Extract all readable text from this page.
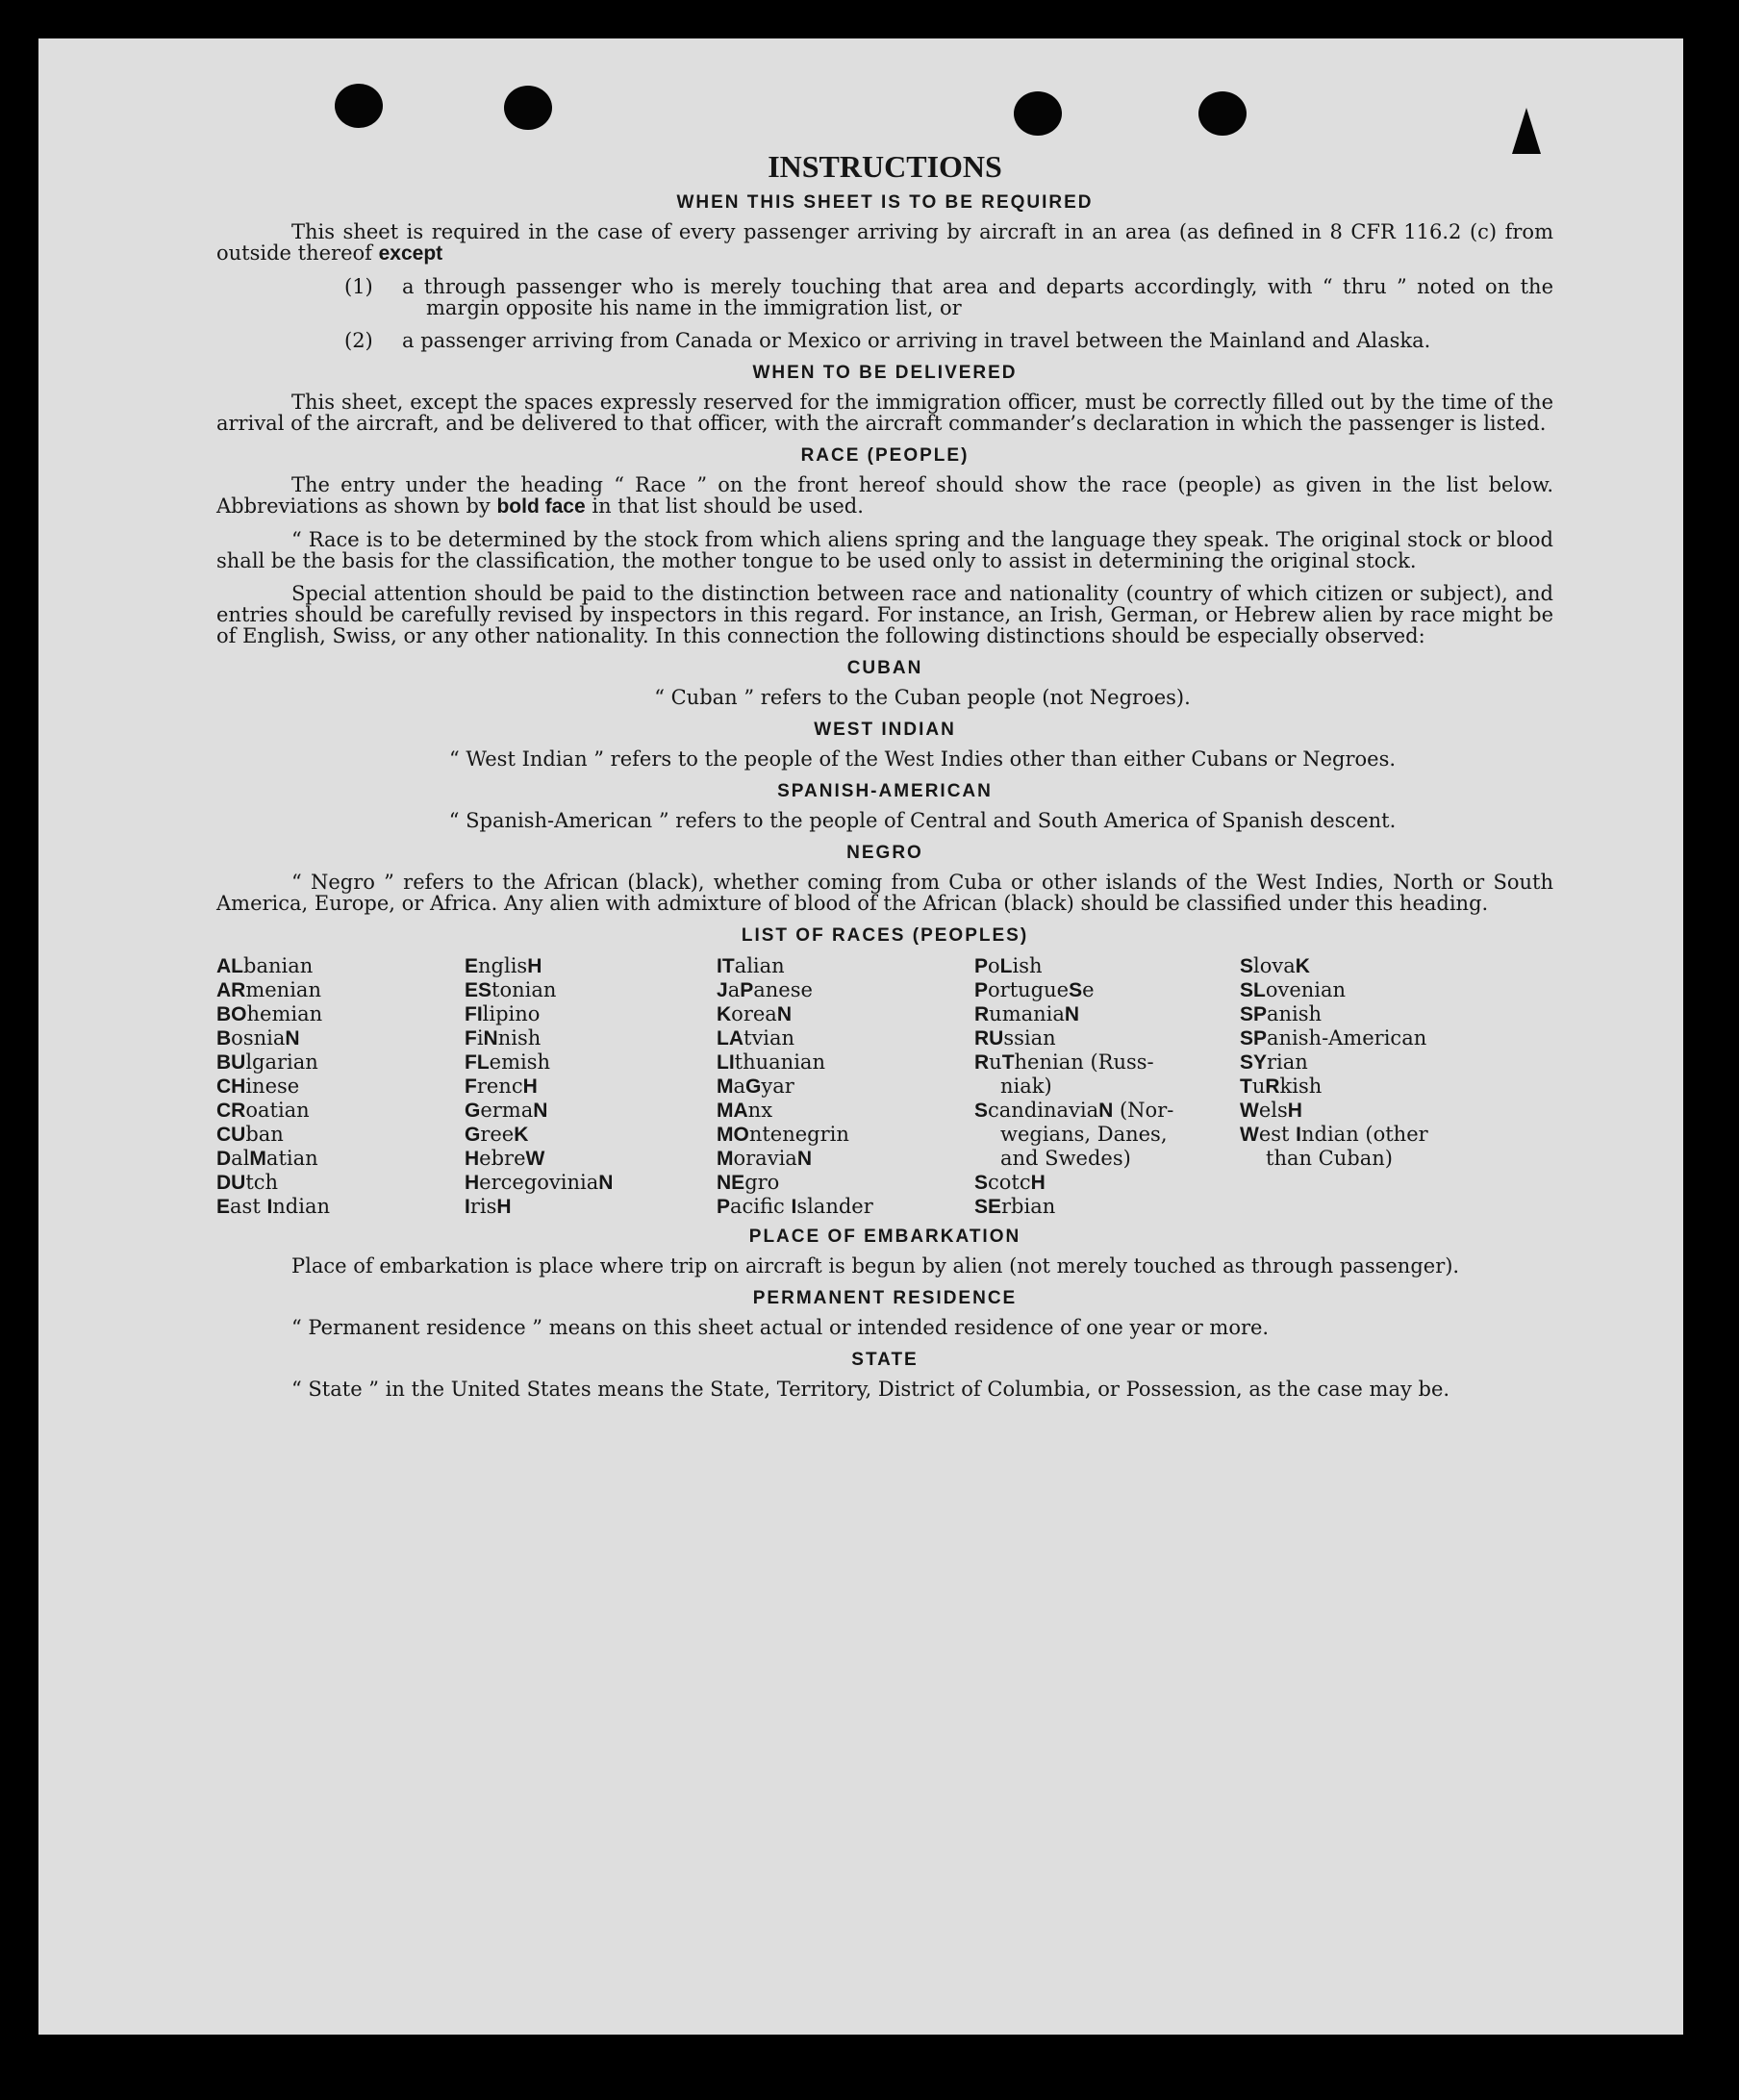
INSTRUCTIONS
WHEN THIS SHEET IS TO BE REQUIRED

This sheet is required in the case of every passenger arriving by aircraft in an area (as defined in 8 CFR 116.2 (c) from outside thereof except

(1)	a through passenger who is merely touching that area and departs accordingly, with “ thru ” noted on the margin opposite his name in the immigration list, or
(2)	a passenger arriving from Canada or Mexico or arriving in travel between the Mainland and Alaska.
WHEN TO BE DELIVERED

This sheet, except the spaces expressly reserved for the immigration officer, must be correctly filled out by the time of the arrival of the aircraft, and be delivered to that officer, with the aircraft commander’s declaration in which the passenger is listed.

RACE (PEOPLE)

The entry under the heading “ Race ” on the front hereof should show the race (people) as given in the list below. Abbreviations as shown by bold face in that list should be used.

“ Race is to be determined by the stock from which aliens spring and the language they speak. The original stock or blood shall be the basis for the classification, the mother tongue to be used only to assist in determining the original stock.

Special attention should be paid to the distinction between race and nationality (country of which citizen or subject), and entries should be carefully revised by inspectors in this regard. For instance, an Irish, German, or Hebrew alien by race might be of English, Swiss, or any other nationality. In this connection the following distinctions should be especially observed:

CUBAN

“ Cuban ” refers to the Cuban people (not Negroes).

WEST INDIAN

“ West Indian ” refers to the people of the West Indies other than either Cubans or Negroes.

SPANISH-AMERICAN

“ Spanish-American ” refers to the people of Central and South America of Spanish descent.

NEGRO

“ Negro ” refers to the African (black), whether coming from Cuba or other islands of the West Indies, North or South America, Europe, or Africa. Any alien with admixture of blood of the African (black) should be classified under this heading.

LIST OF RACES (PEOPLES)
ALbanian
ARmenian
BOhemian
BosniaN
BUlgarian
CHinese
CRoatian
CUban
DalMatian
DUtch
East Indian
EnglisH
EStonian
FIlipino
FiNnish
FLemish
FrencH
GermaN
GreeK
HebreW
HercegoviniaN
IrisH
ITalian
JaPanese
KoreaN
LAtvian
LIthuanian
MaGyar
MAnx
MOntenegrin
MoraviaN
NEgro
Pacific Islander
PoLish
PortugueSe
RumaniaN
RUssian
RuThenian (Russ-
niak)
ScandinaviaN (Nor-
wegians, Danes,
and Swedes)
ScotcH
SErbian
SlovaK
SLovenian
SPanish
SPanish-American
SYrian
TuRkish
WelsH
West Indian (other
than Cuban)
PLACE OF EMBARKATION

Place of embarkation is place where trip on aircraft is begun by alien (not merely touched as through passenger).

PERMANENT RESIDENCE

“ Permanent residence ” means on this sheet actual or intended residence of one year or more.

STATE

“ State ” in the United States means the State, Territory, District of Columbia, or Possession, as the case may be.
